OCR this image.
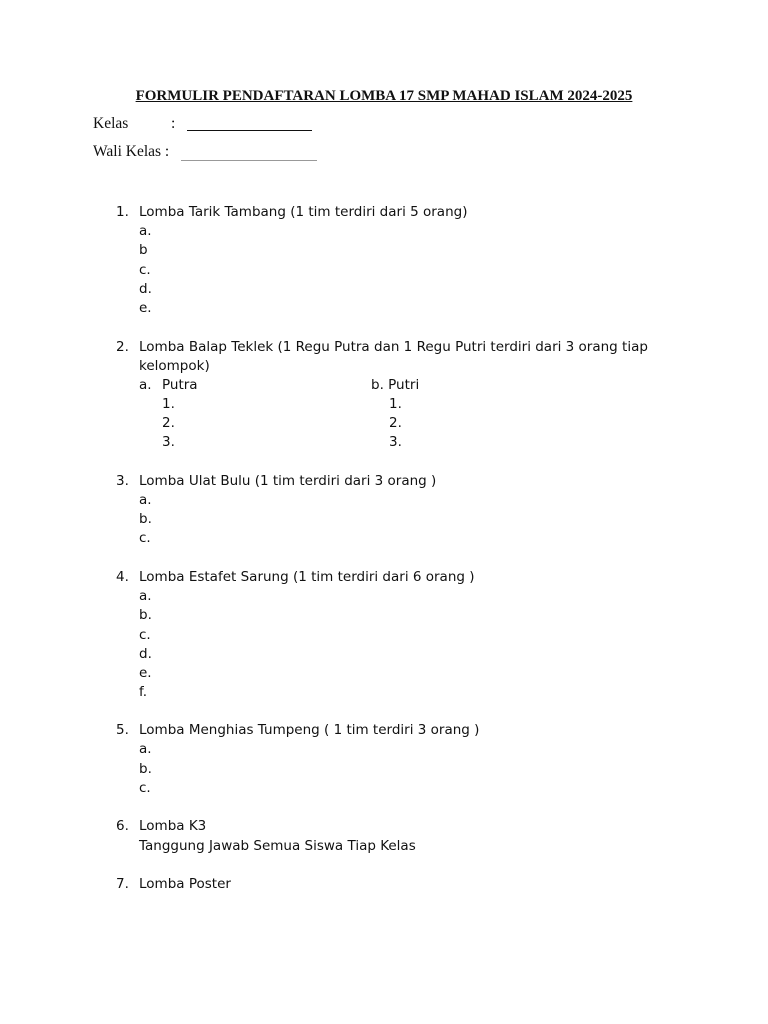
FORMULIR PENDAFTARAN LOMBA 17 SMP MAHAD ISLAM 2024-2025
Kelas	:
Wali Kelas :
1. Lomba Tarik Tambang (1 tim terdiri dari 5 orang)
a.
b
c.
d.
e.
2. Lomba Balap Teklek (1 Regu Putra dan 1 Regu Putri terdiri dari 3 orang tiap
kelompok)
a. Putra	b. Putri
1.
2.
3.
1.
2.
3.
3. Lomba Ulat Bulu (1 tim terdiri dari 3 orang )
a.
b.
c.
4. Lomba Estafet Sarung (1 tim terdiri dari 6 orang )
a.
b.
c.
d.
e.
f.
5. Lomba Menghias Tumpeng ( 1 tim terdiri 3 orang )
a.
b.
c.
6. Lomba K3
Tanggung Jawab Semua Siswa Tiap Kelas
7. Lomba Poster
